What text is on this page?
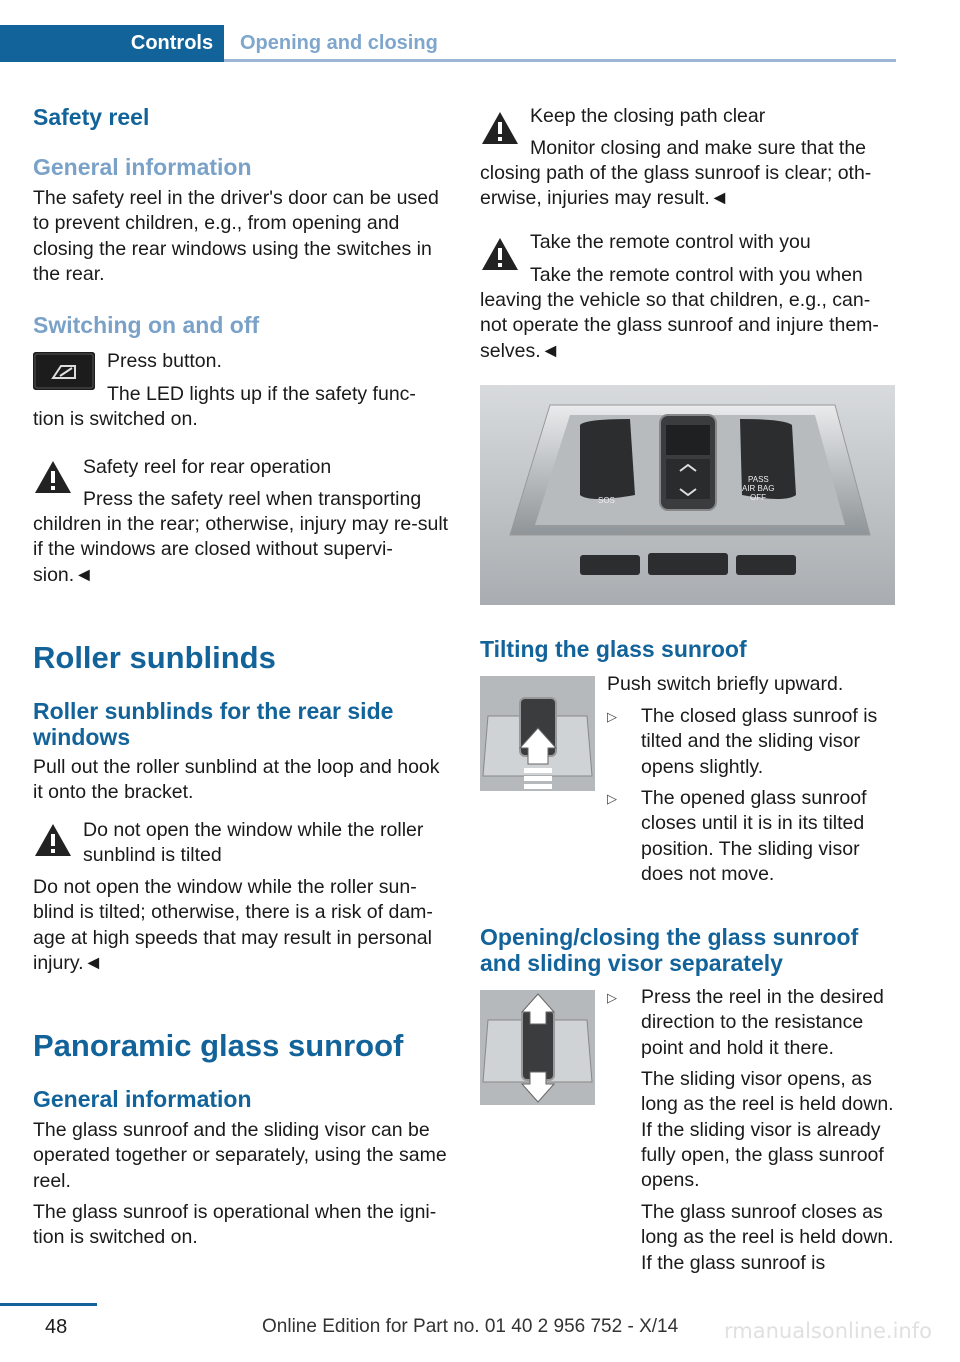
Controls	Opening and closing
Safety reel
General information
The safety reel in the driver's door can be used to prevent children, e.g., from opening and closing the rear windows using the switches in the rear.
Switching on and off
Press button.
The LED lights up if the safety func-
tion is switched on.
Safety reel for rear operation
Press the safety reel when transporting
children in the rear; otherwise, injury may re-sult if the windows are closed without supervi-sion.◄
Roller sunblinds
Roller sunblinds for the rear side windows
Pull out the roller sunblind at the loop and hook it onto the bracket.
Do not open the window while the roller sunblind is tilted
Do not open the window while the roller sun-blind is tilted; otherwise, there is a risk of dam-age at high speeds that may result in personal injury.◄
Panoramic glass sunroof
General information
The glass sunroof and the sliding visor can be operated together or separately, using the same reel.
The glass sunroof is operational when the igni-tion is switched on.
Keep the closing path clear
Monitor closing and make sure that the
closing path of the glass sunroof is clear; oth-erwise, injuries may result.◄
Take the remote control with you
Take the remote control with you when
leaving the vehicle so that children, e.g., can-not operate the glass sunroof and injure them-selves.◄
SOS
PASS
AIR BAG
OFF
Tilting the glass sunroof
Push switch briefly upward.
▷ The closed glass sunroof is tilted and the sliding visor opens slightly.
▷ The opened glass sunroof closes until it is in its tilted position. The sliding visor does not move.
Opening/closing the glass sunroof and sliding visor separately
▷ Press the reel in the desired direction to the resistance point and hold it there.
The sliding visor opens, as long as the reel is held down. If the sliding visor is already fully open, the glass sunroof opens.
The glass sunroof closes as long as the reel is held down. If the glass sunroof is
48	Online Edition for Part no. 01 40 2 956 752 - X/14 rmanualsonline.info
